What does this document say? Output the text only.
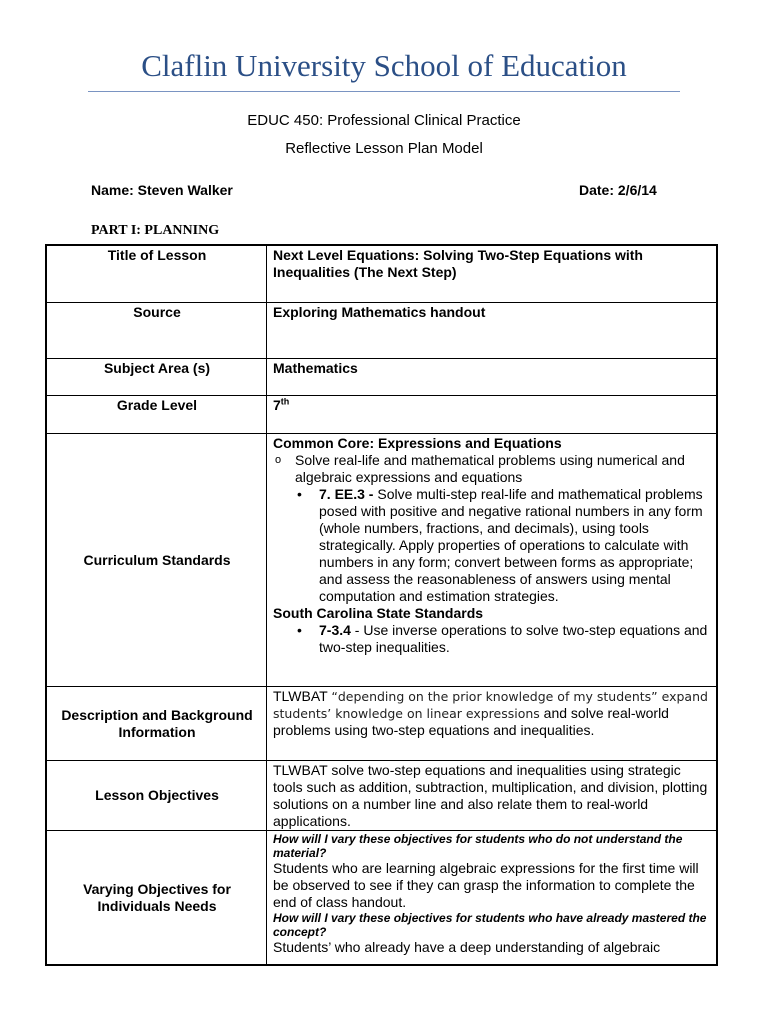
Claflin University School of Education
EDUC 450: Professional Clinical Practice
Reflective Lesson Plan Model
Name: Steven Walker	Date: 2/6/14
PART I: PLANNING
Title of Lesson	Next Level Equations: Solving Two-Step Equations with Inequalities (The Next Step)
Source	Exploring Mathematics handout
Subject Area (s)	Mathematics
Grade Level	7th
Curriculum Standards	Common Core: Expressions and Equations
o Solve real-life and mathematical problems using numerical and algebraic expressions and equations
• 7. EE.3 - Solve multi-step real-life and mathematical problems posed with positive and negative rational numbers in any form (whole numbers, fractions, and decimals), using tools strategically. Apply properties of operations to calculate with numbers in any form; convert between forms as appropriate; and assess the reasonableness of answers using mental computation and estimation strategies.
South Carolina State Standards
• 7-3.4 - Use inverse operations to solve two-step equations and two-step inequalities.

Description and Background Information	TLWBAT “depending on the prior knowledge of my students” expand students’ knowledge on linear expressions and solve real-world problems using two-step equations and inequalities.
Lesson Objectives	TLWBAT solve two-step equations and inequalities using strategic tools such as addition, subtraction, multiplication, and division, plotting solutions on a number line and also relate them to real-world applications.
Varying Objectives for Individuals Needs	How will I vary these objectives for students who do not understand the material?
Students who are learning algebraic expressions for the first time will be observed to see if they can grasp the information to complete the end of class handout.
How will I vary these objectives for students who have already mastered the concept?
Students’ who already have a deep understanding of algebraic
